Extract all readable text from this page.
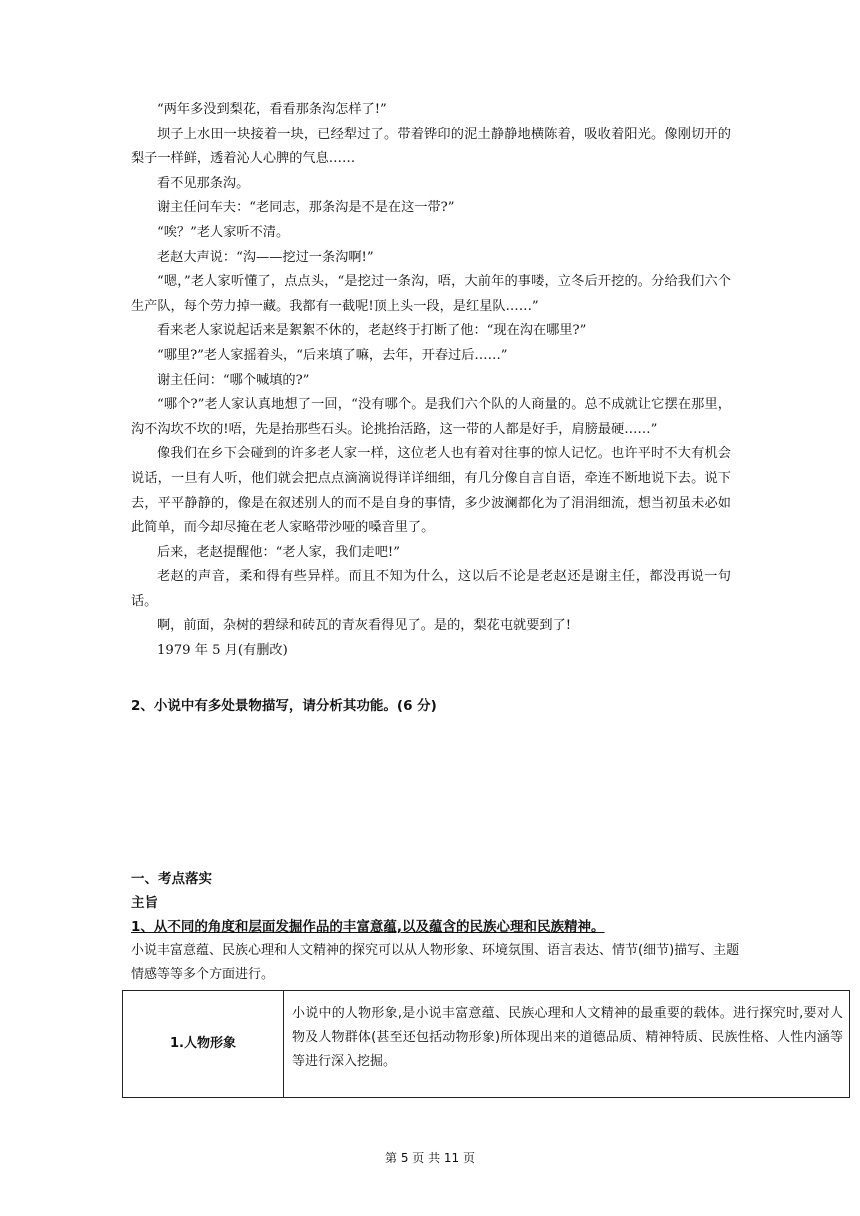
“两年多没到梨花，看看那条沟怎样了!”

坝子上水田一块接着一块，已经犁过了。带着铧印的泥土静静地横陈着，吸收着阳光。像刚切开的梨子一样鲜，透着沁人心脾的气息……

看不见那条沟。

谢主任问车夫：“老同志，那条沟是不是在这一带?”

“唉？”老人家听不清。

老赵大声说：“沟——挖过一条沟啊!”

“嗯，”老人家听懂了，点点头，“是挖过一条沟，唔，大前年的事喽，立冬后开挖的。分给我们六个生产队，每个劳力掉一藏。我都有一截呢!顶上头一段，是红星队……”

看来老人家说起话来是絮絮不休的，老赵终于打断了他：“现在沟在哪里?”

“哪里?”老人家摇着头，“后来填了嘛，去年，开春过后……”

谢主任问：“哪个喊填的?”

“哪个?”老人家认真地想了一回，“没有哪个。是我们六个队的人商量的。总不成就让它摆在那里，沟不沟坎不坎的!唔，先是抬那些石头。论挑抬活路，这一带的人都是好手，肩膀最硬……”

像我们在乡下会碰到的许多老人家一样，这位老人也有着对往事的惊人记忆。也许平时不大有机会说话，一旦有人听，他们就会把点点滴滴说得详详细细，有几分像自言自语，牵连不断地说下去。说下去，平平静静的，像是在叙述别人的而不是自身的事情，多少波澜都化为了涓涓细流，想当初虽未必如此简单，而今却尽掩在老人家略带沙哑的嗓音里了。

后来，老赵提醒他：“老人家，我们走吧!”

老赵的声音，柔和得有些异样。而且不知为什么，这以后不论是老赵还是谢主任，都没再说一句话。

啊，前面，杂树的碧绿和砖瓦的青灰看得见了。是的，梨花屯就要到了!

1979 年 5 月(有删改)

2、小说中有多处景物描写，请分析其功能。(6 分)

一、考点落实

主旨

1、从不同的角度和层面发掘作品的丰富意蕴,以及蕴含的民族心理和民族精神。

小说丰富意蕴、民族心理和人文精神的探究可以从人物形象、环境氛围、语言表达、情节(细节)描写、主题情感等等多个方面进行。

1.人物形象	小说中的人物形象,是小说丰富意蕴、民族心理和人文精神的最重要的载体。进行探究时,要对人物及人物群体(甚至还包括动物形象)所体现出来的道德品质、精神特质、民族性格、人性内涵等等进行深入挖掘。
第 5 页 共 11 页
